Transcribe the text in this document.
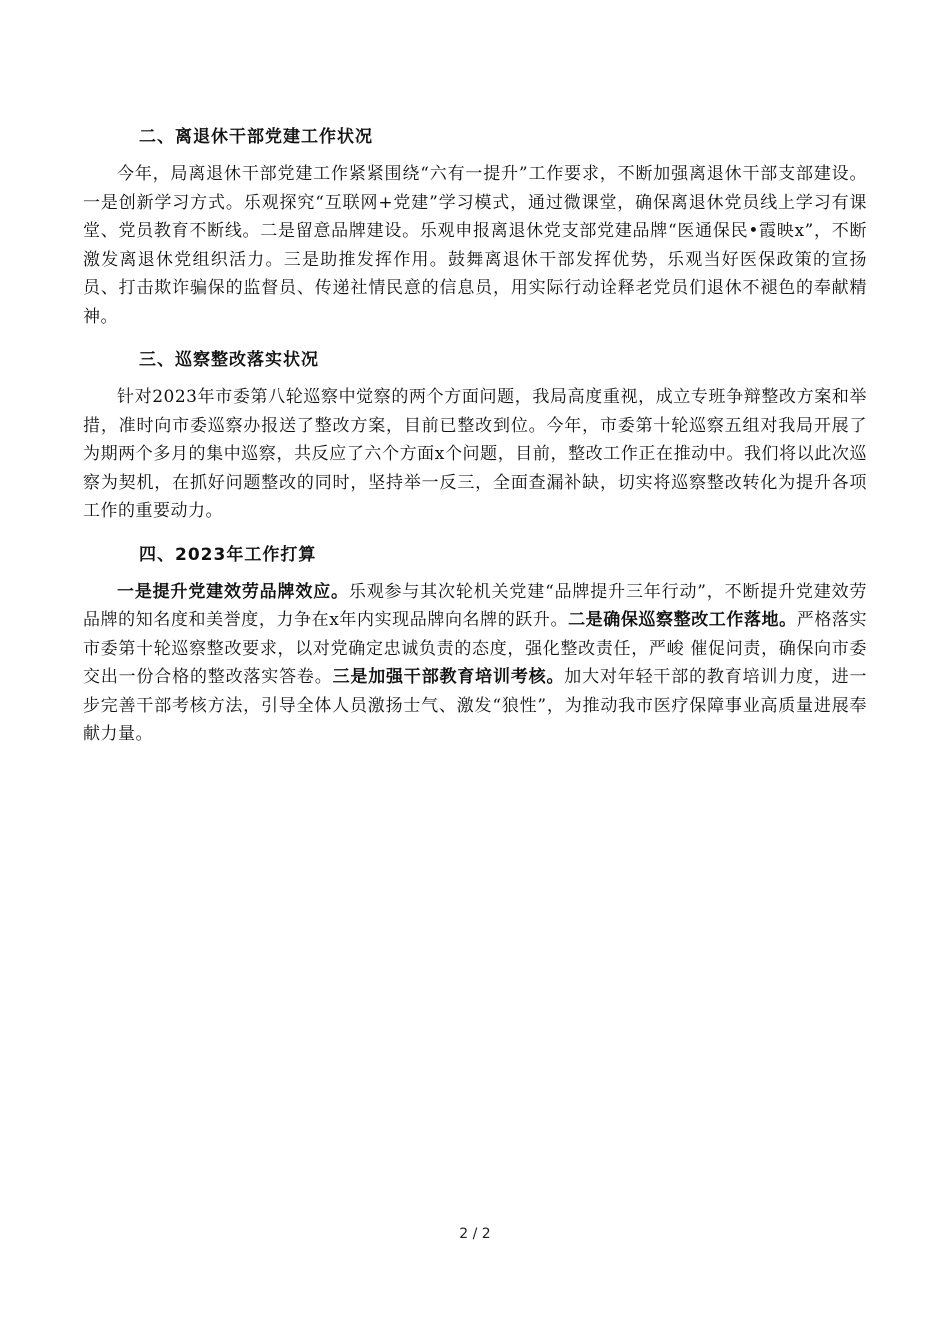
二、离退休干部党建工作状况

今年，局离退休干部党建工作紧紧围绕“六有一提升”工作要求，不断加强离退休干部支部建设。一是创新学习方式。乐观探究“互联网+党建”学习模式，通过微课堂，确保离退休党员线上学习有课堂、党员教育不断线。二是留意品牌建设。乐观申报离退休党支部党建品牌“医通保民•霞映x”，不断激发离退休党组织活力。三是助推发挥作用。鼓舞离退休干部发挥优势，乐观当好医保政策的宣扬员、打击欺诈骗保的监督员、传递社情民意的信息员，用实际行动诠释老党员们退休不褪色的奉献精神。

三、巡察整改落实状况

针对2023年市委第八轮巡察中觉察的两个方面问题，我局高度重视，成立专班争辩整改方案和举措，准时向市委巡察办报送了整改方案，目前已整改到位。今年，市委第十轮巡察五组对我局开展了为期两个多月的集中巡察，共反应了六个方面x个问题，目前，整改工作正在推动中。我们将以此次巡察为契机，在抓好问题整改的同时，坚持举一反三，全面查漏补缺，切实将巡察整改转化为提升各项工作的重要动力。

四、2023年工作打算

一是提升党建效劳品牌效应。乐观参与其次轮机关党建“品牌提升三年行动”，不断提升党建效劳品牌的知名度和美誉度，力争在x年内实现品牌向名牌的跃升。二是确保巡察整改工作落地。严格落实市委第十轮巡察整改要求，以对党确定忠诚负责的态度，强化整改责任，严峻 催促问责，确保向市委交出一份合格的整改落实答卷。三是加强干部教育培训考核。加大对年轻干部的教育培训力度，进一步完善干部考核方法，引导全体人员激扬士气、激发“狼性”，为推动我市医疗保障事业高质量进展奉献力量。

2 / 2
